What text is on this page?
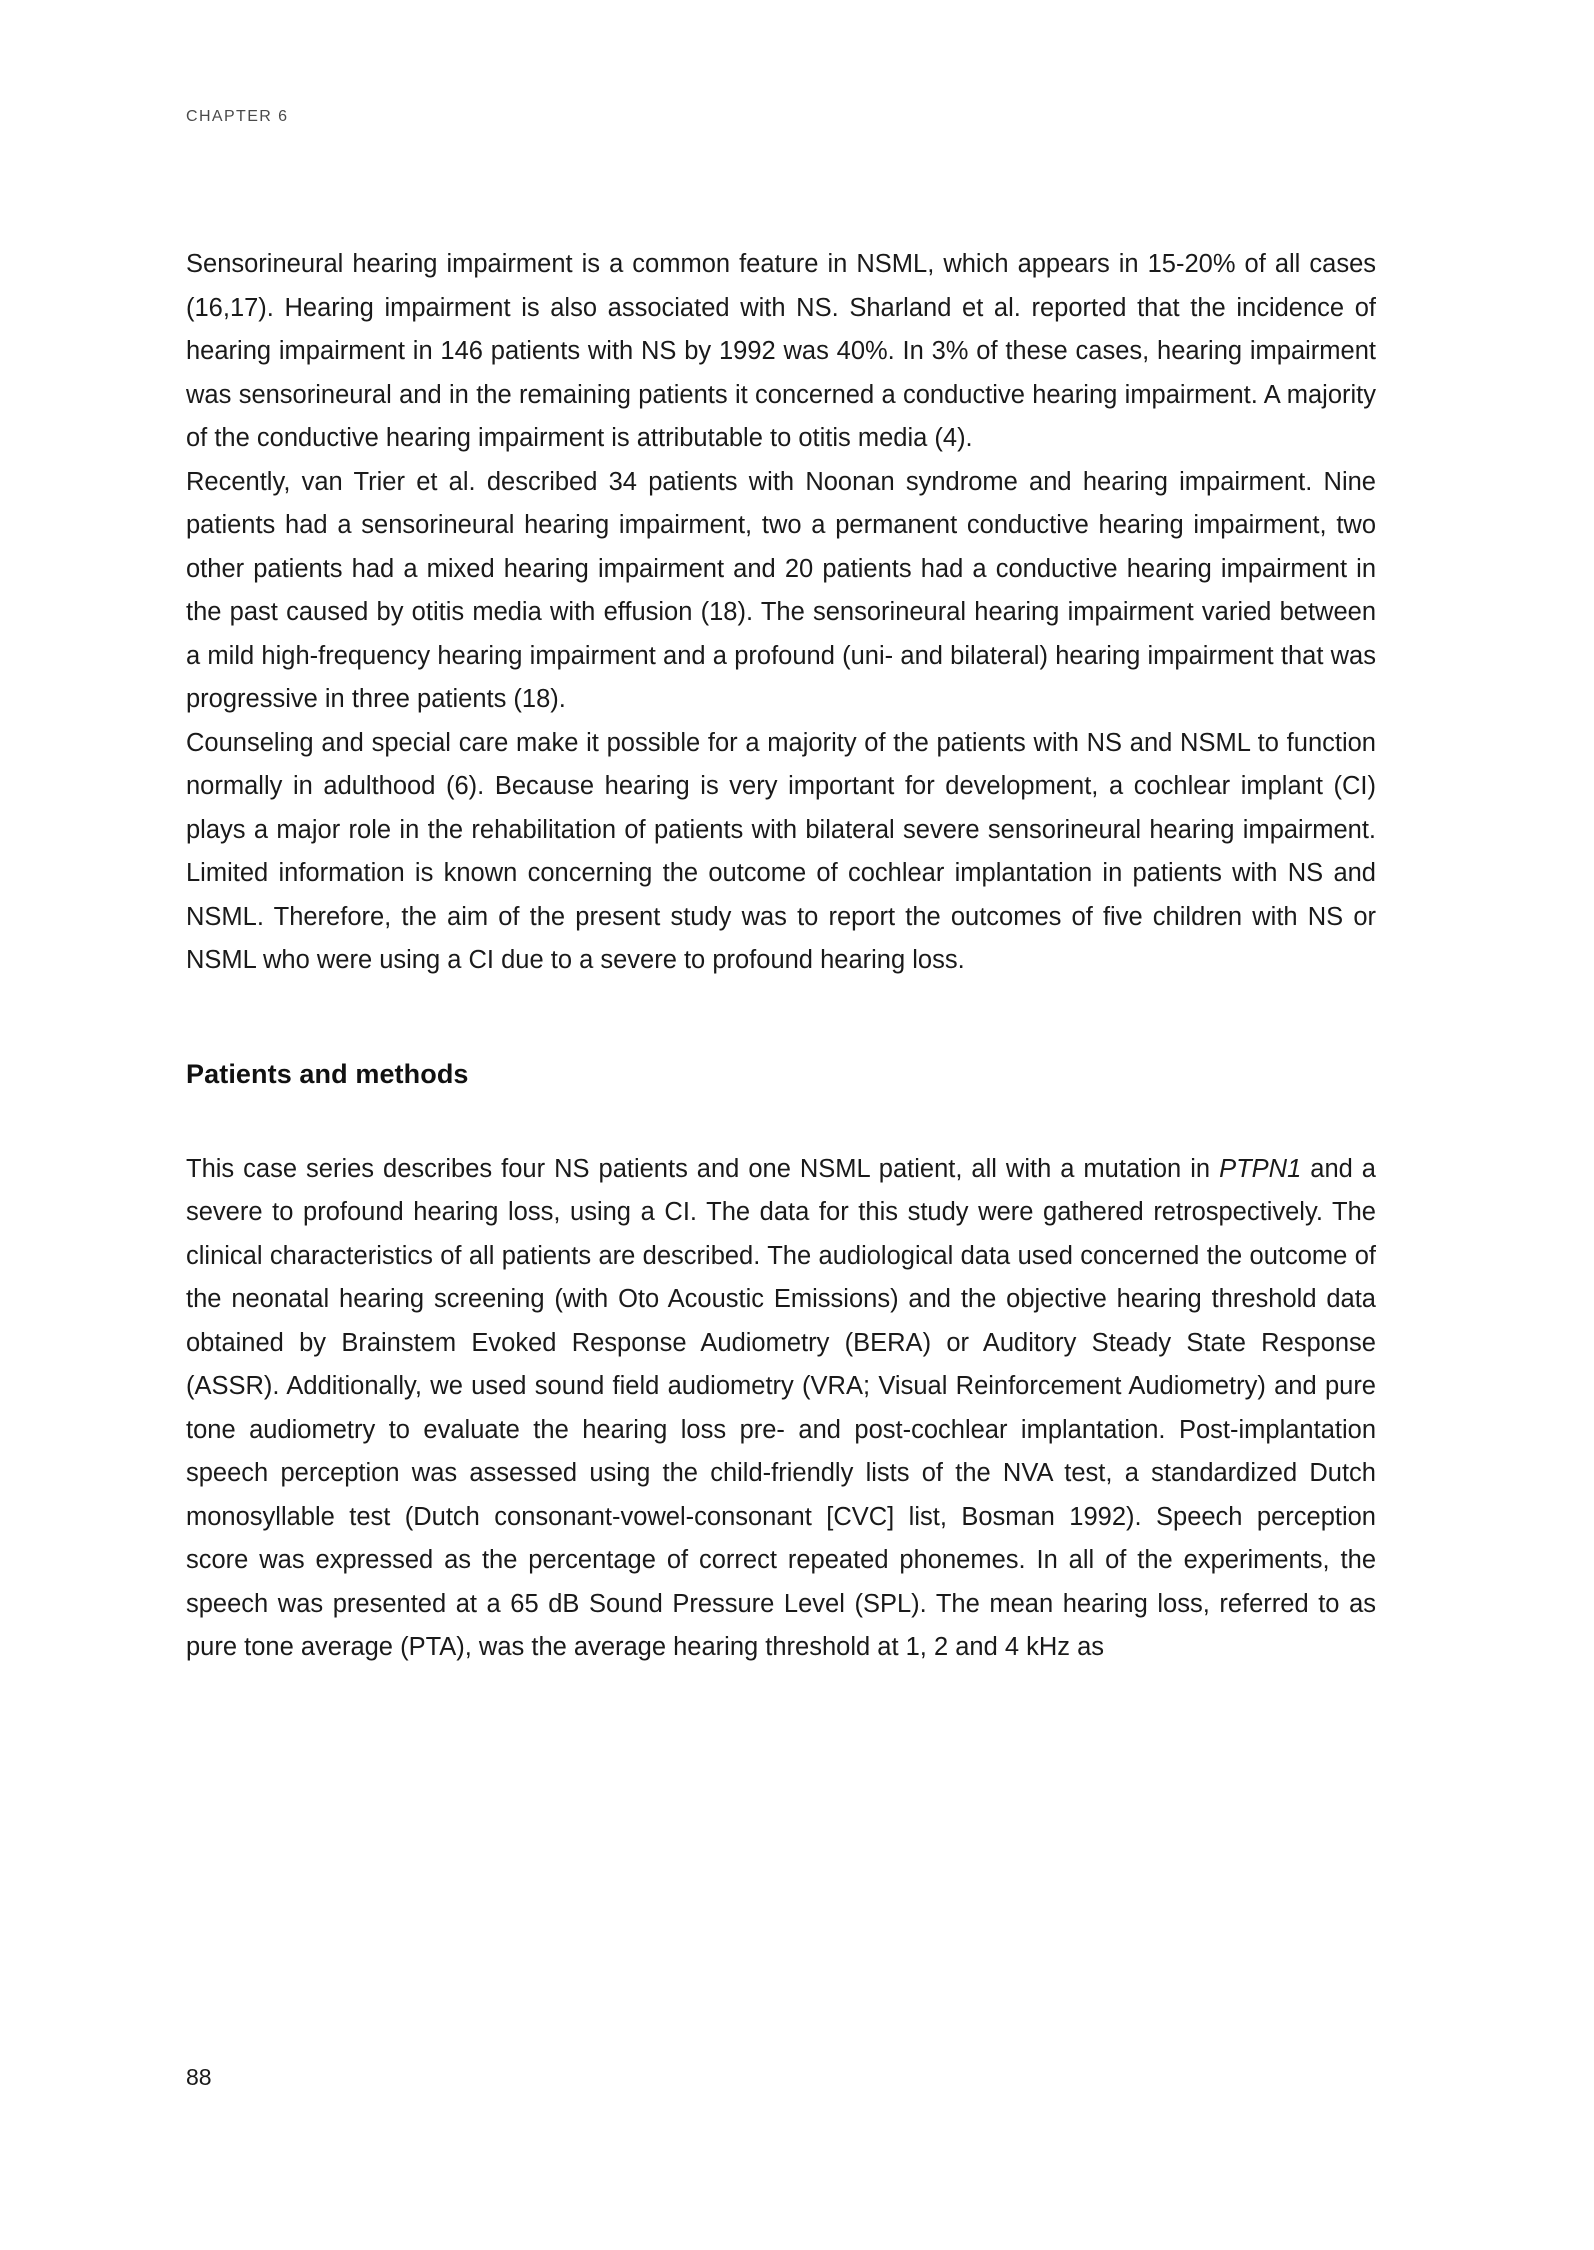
CHAPTER 6

Sensorineural hearing impairment is a common feature in NSML, which appears in 15-20% of all cases (16,17). Hearing impairment is also associated with NS. Sharland et al. reported that the incidence of hearing impairment in 146 patients with NS by 1992 was 40%. In 3% of these cases, hearing impairment was sensorineural and in the remaining patients it concerned a conductive hearing impairment. A majority of the conductive hearing impairment is attributable to otitis media (4).

Recently, van Trier et al. described 34 patients with Noonan syndrome and hearing impairment. Nine patients had a sensorineural hearing impairment, two a permanent conductive hearing impairment, two other patients had a mixed hearing impairment and 20 patients had a conductive hearing impairment in the past caused by otitis media with effusion (18). The sensorineural hearing impairment varied between a mild high-frequency hearing impairment and a profound (uni- and bilateral) hearing impairment that was progressive in three patients (18).

Counseling and special care make it possible for a majority of the patients with NS and NSML to function normally in adulthood (6). Because hearing is very important for development, a cochlear implant (CI) plays a major role in the rehabilitation of patients with bilateral severe sensorineural hearing impairment. Limited information is known concerning the outcome of cochlear implantation in patients with NS and NSML. Therefore, the aim of the present study was to report the outcomes of five children with NS or NSML who were using a CI due to a severe to profound hearing loss.

Patients and methods

This case series describes four NS patients and one NSML patient, all with a mutation in PTPN1 and a severe to profound hearing loss, using a CI. The data for this study were gathered retrospectively. The clinical characteristics of all patients are described. The audiological data used concerned the outcome of the neonatal hearing screening (with Oto Acoustic Emissions) and the objective hearing threshold data obtained by Brainstem Evoked Response Audiometry (BERA) or Auditory Steady State Response (ASSR). Additionally, we used sound field audiometry (VRA; Visual Reinforcement Audiometry) and pure tone audiometry to evaluate the hearing loss pre- and post-cochlear implantation. Post-implantation speech perception was assessed using the child-friendly lists of the NVA test, a standardized Dutch monosyllable test (Dutch consonant-vowel-consonant [CVC] list, Bosman 1992). Speech perception score was expressed as the percentage of correct repeated phonemes. In all of the experiments, the speech was presented at a 65 dB Sound Pressure Level (SPL). The mean hearing loss, referred to as pure tone average (PTA), was the average hearing threshold at 1, 2 and 4 kHz as

88
